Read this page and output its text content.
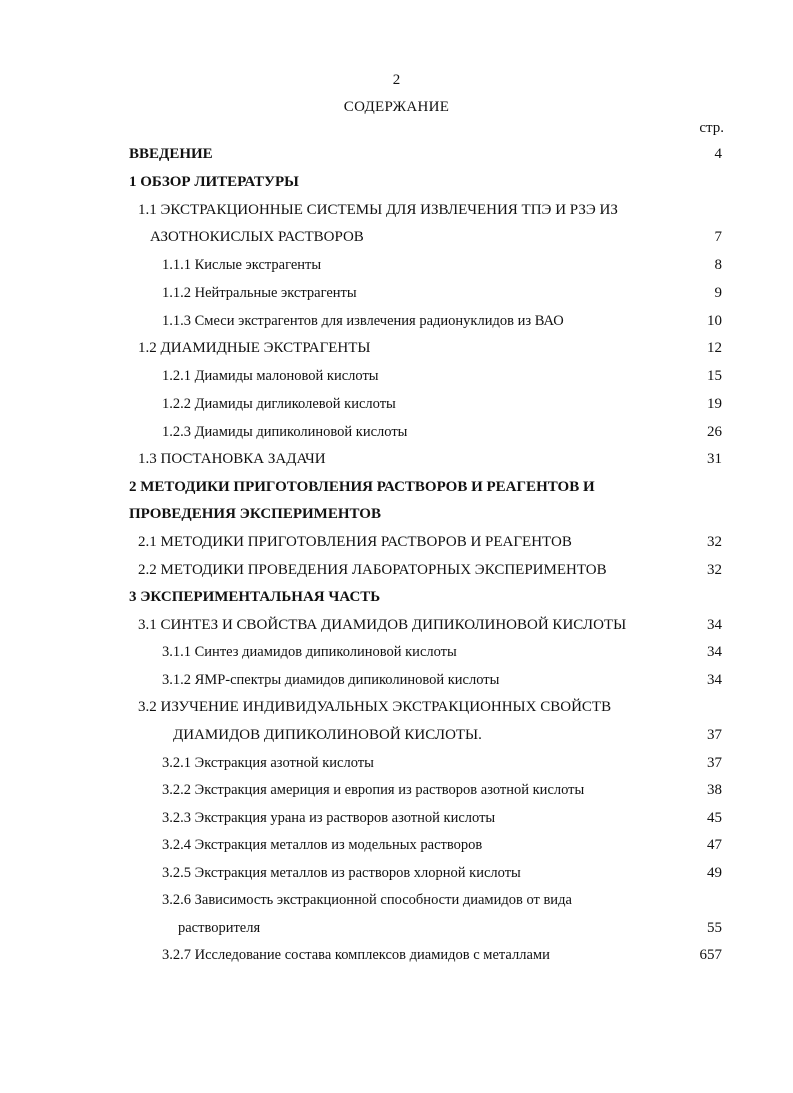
2
СОДЕРЖАНИЕ
стр.
ВВЕДЕНИЕ	4
1 ОБЗОР ЛИТЕРАТУРЫ
1.1 ЭКСТРАКЦИОННЫЕ СИСТЕМЫ ДЛЯ ИЗВЛЕЧЕНИЯ ТПЭ И РЗЭ ИЗ
АЗОТНОКИСЛЫХ РАСТВОРОВ	7
1.1.1 Кислые экстрагенты	8
1.1.2 Нейтральные экстрагенты	9
1.1.3 Смеси экстрагентов для извлечения радионуклидов из ВАО	10
1.2 ДИАМИДНЫЕ ЭКСТРАГЕНТЫ	12
1.2.1 Диамиды малоновой кислоты	15
1.2.2 Диамиды дигликолевой кислоты	19
1.2.3 Диамиды дипиколиновой кислоты	26
1.3 ПОСТАНОВКА ЗАДАЧИ	31
2 МЕТОДИКИ ПРИГОТОВЛЕНИЯ РАСТВОРОВ И РЕАГЕНТОВ И
ПРОВЕДЕНИЯ ЭКСПЕРИМЕНТОВ
2.1 МЕТОДИКИ ПРИГОТОВЛЕНИЯ РАСТВОРОВ И РЕАГЕНТОВ	32
2.2 МЕТОДИКИ ПРОВЕДЕНИЯ ЛАБОРАТОРНЫХ ЭКСПЕРИМЕНТОВ	32
3 ЭКСПЕРИМЕНТАЛЬНАЯ ЧАСТЬ
3.1 СИНТЕЗ И СВОЙСТВА ДИАМИДОВ ДИПИКОЛИНОВОЙ КИСЛОТЫ	34
3.1.1 Синтез диамидов дипиколиновой кислоты	34
3.1.2 ЯМР-спектры диамидов дипиколиновой кислоты	34
3.2 ИЗУЧЕНИЕ ИНДИВИДУАЛЬНЫХ ЭКСТРАКЦИОННЫХ СВОЙСТВ
ДИАМИДОВ ДИПИКОЛИНОВОЙ КИСЛОТЫ.	37
3.2.1 Экстракция азотной кислоты	37
3.2.2 Экстракция америция и европия из растворов азотной кислоты	38
3.2.3 Экстракция урана из растворов азотной кислоты	45
3.2.4 Экстракция металлов из модельных растворов	47
3.2.5 Экстракция металлов из растворов хлорной кислоты	49
3.2.6 Зависимость экстракционной способности диамидов от вида
растворителя	55
3.2.7 Исследование состава комплексов диамидов с металлами	657
